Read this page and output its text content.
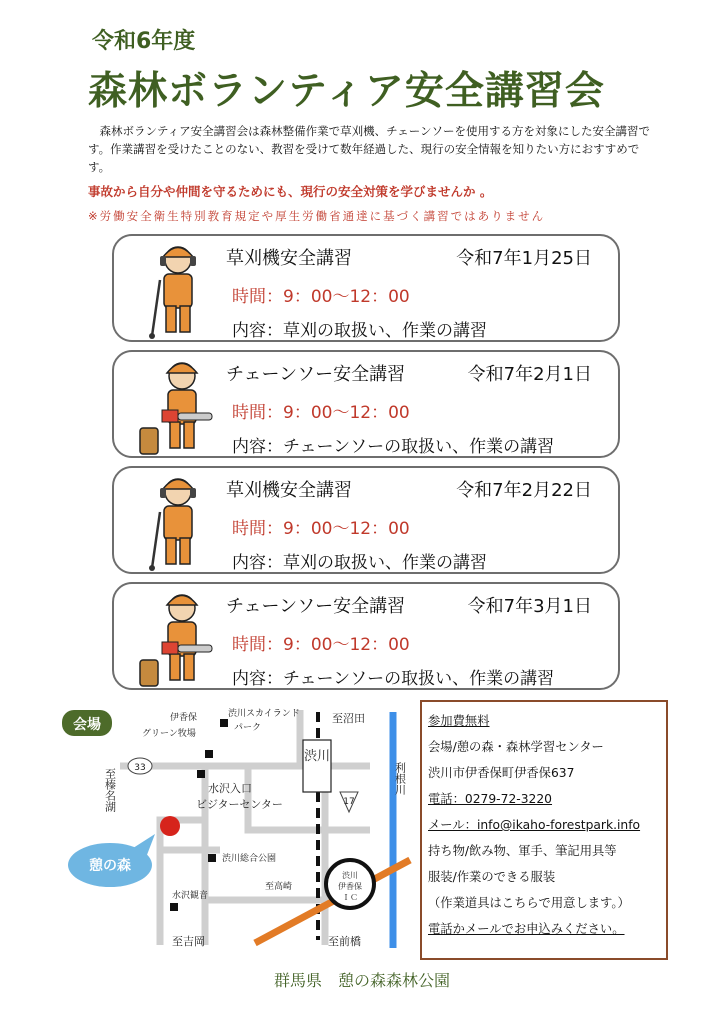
令和6年度
森林ボランティア安全講習会

森林ボランティア安全講習会は森林整備作業で草刈機、チェーンソーを使用する方を対象にした安全講習です。作業講習を受けたことのない、教習を受けて数年経過した、現行の安全情報を知りたい方におすすめです。

事故から自分や仲間を守るためにも、現行の安全対策を学びませんか 。
※労働安全衛生特別教育規定や厚生労働省通達に基づく講習ではありません
草刈機安全講習	令和7年1月25日
時間：9：00〜12：00
内容：草刈の取扱い、作業の講習
チェーンソー安全講習	令和7年2月1日
時間：9：00〜12：00
内容：チェーンソーの取扱い、作業の講習
草刈機安全講習	令和7年2月22日
時間：9：00〜12：00
内容：草刈の取扱い、作業の講習
チェーンソー安全講習	令和7年3月1日
時間：9：00〜12：00
内容：チェーンソーの取扱い、作業の講習
会場	伊香保
グリーン牧場
渋川スカイランド
パーク
至沼田
水沢入口
ビジターセンター
渋川総合公園
至高崎
水沢観音
至吉岡	至前橋
至榛名湖 33
17
渋川
利根川
憩の森
渋川
伊香保
ＩＣ
参加費無料
会場/憩の森・森林学習センター
渋川市伊香保町伊香保637
電話：0279-72-3220
メール：info@ikaho-forestpark.info
持ち物/飲み物、軍手、筆記用具等
服装/作業のできる服装
（作業道具はこちらで用意します。）
電話かメールでお申込みください。
群馬県　憩の森森林公園
